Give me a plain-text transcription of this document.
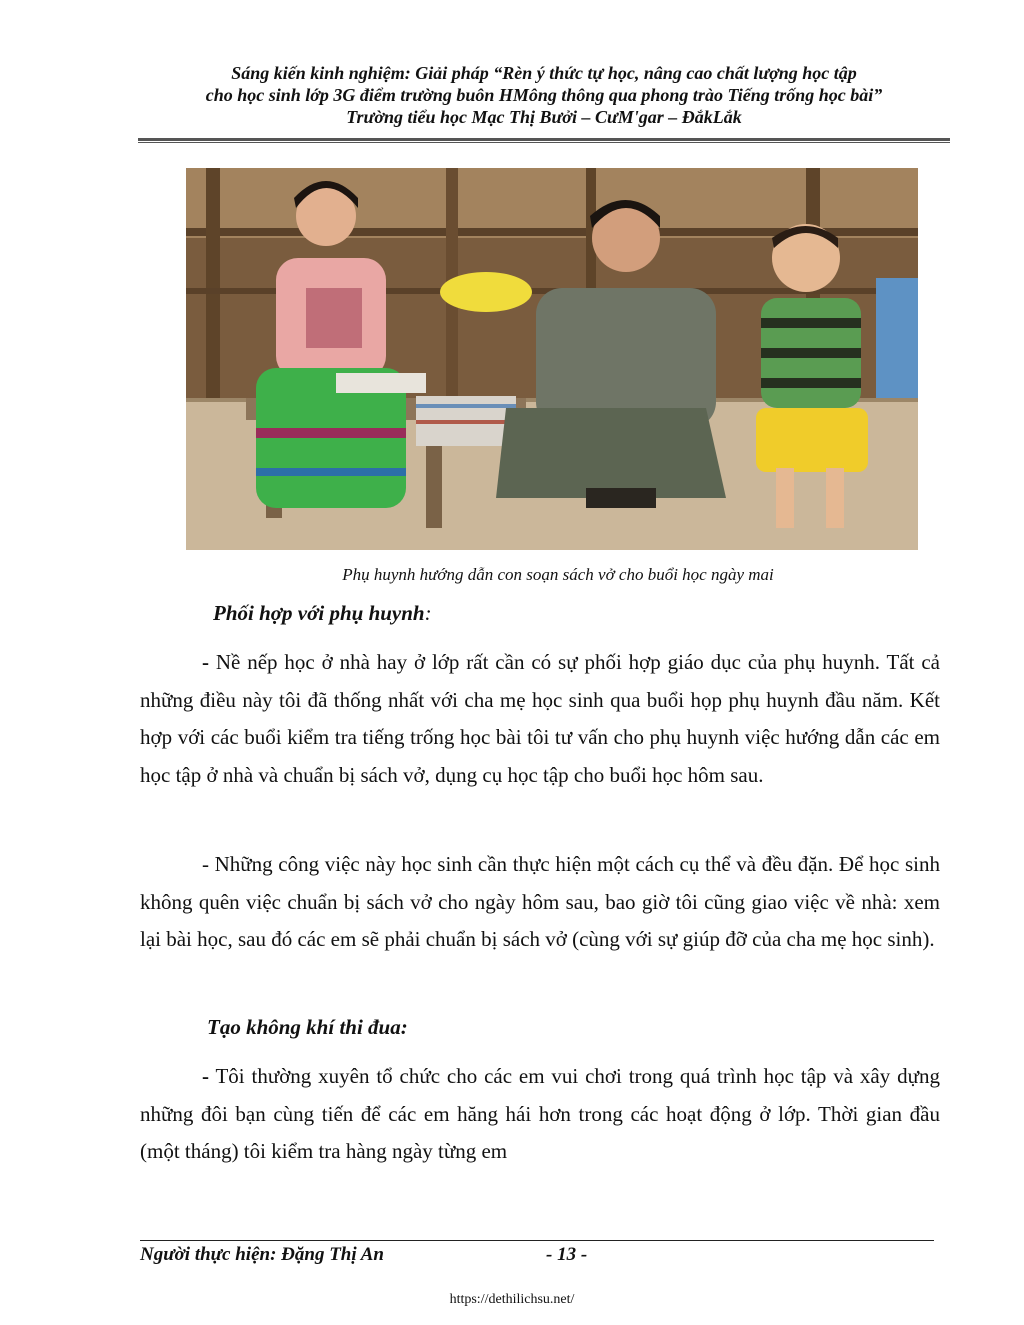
Sáng kiến kinh nghiệm: Giải pháp “Rèn ý thức tự học, nâng cao chất lượng học tập
cho học sinh lớp 3G điểm trường buôn HMông thông qua phong trào Tiếng trống học bài”
Trường tiểu học Mạc Thị Bưởi – CưM'gar – ĐắkLắk
Phụ huynh hướng dẫn con soạn sách vở cho buổi học ngày mai
Phối hợp với phụ huynh:
- Nề nếp học ở nhà hay ở lớp rất cần có sự phối hợp giáo dục của phụ huynh. Tất cả những điều này tôi đã thống nhất với cha mẹ học sinh qua buổi họp phụ huynh đầu năm. Kết hợp với các buổi kiểm tra tiếng trống học bài tôi tư vấn cho phụ huynh việc hướng dẫn các em học tập ở nhà và chuẩn bị sách vở, dụng cụ học tập cho buổi học hôm sau.
- Những công việc này học sinh cần thực hiện một cách cụ thể và đều đặn. Để học sinh không quên việc chuẩn bị sách vở cho ngày hôm sau, bao giờ tôi cũng giao việc về nhà: xem lại bài học, sau đó các em sẽ phải chuẩn bị sách vở (cùng với sự giúp đỡ của cha mẹ học sinh).
Tạo không khí thi đua:
- Tôi thường xuyên tổ chức cho các em vui chơi trong quá trình học tập và xây dựng những đôi bạn cùng tiến để các em hăng hái hơn trong các hoạt động ở lớp. Thời gian đầu (một tháng) tôi kiểm tra hàng ngày từng em
Người thực hiện: Đặng Thị An	- 13 -
https://dethilichsu.net/
